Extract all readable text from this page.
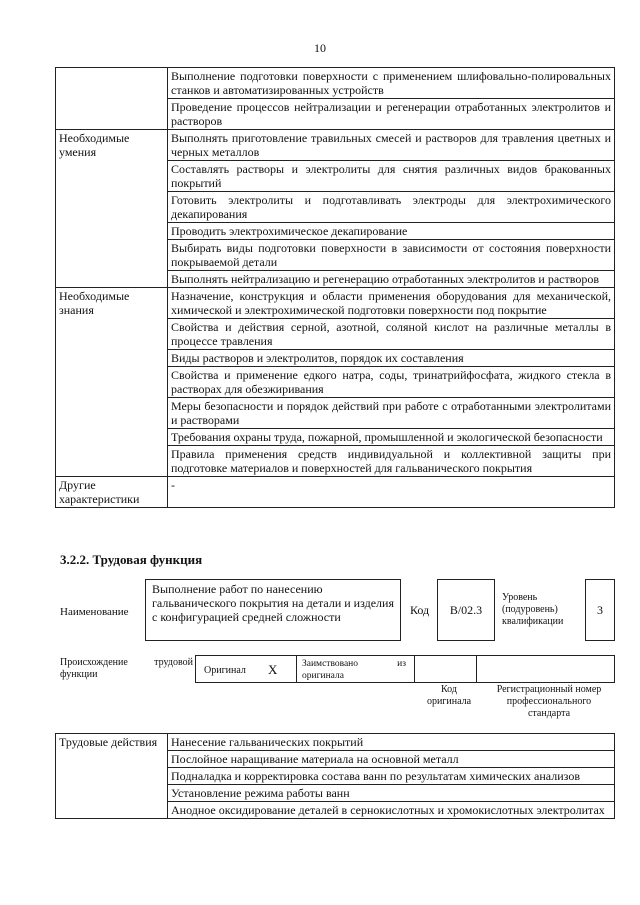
10
	Выполнение подготовки поверхности с применением шлифовально-полировальных станков и автоматизированных устройств
	Проведение процессов нейтрализации и регенерации отработанных электролитов и растворов
Необходимые умения	Выполнять приготовление травильных смесей и растворов для травления цветных и черных металлов
	Составлять растворы и электролиты для снятия различных видов бракованных покрытий
	Готовить электролиты и подготавливать электроды для электрохимического декапирования
	Проводить электрохимическое декапирование
	Выбирать виды подготовки поверхности в зависимости от состояния поверхности покрываемой детали
	Выполнять нейтрализацию и регенерацию отработанных электролитов и растворов
Необходимые знания	Назначение, конструкция и области применения оборудования для механической, химической и электрохимической подготовки поверхности под покрытие
	Свойства и действия серной, азотной, соляной кислот на различные металлы в процессе травления
	Виды растворов и электролитов, порядок их составления
	Свойства и применение едкого натра, соды, тринатрийфосфата, жидкого стекла в растворах для обезжиривания
	Меры безопасности и порядок действий при работе с отработанными электролитами и растворами
	Требования охраны труда, пожарной, промышленной и экологической безопасности
	Правила применения средств индивидуальной и коллективной защиты при подготовке материалов и поверхностей для гальванического покрытия
Другие характеристики	-
3.2.2. Трудовая функция
Наименование
Выполнение работ по нанесению гальванического покрытия на детали и изделия с конфигурацией средней сложности	Код	B/02.3
Уровень (подуровень) квалификации
3
Происхождение трудовой функции	Оригинал X	Заимствовано из оригинала
Код оригинала
Регистрационный номер профессионального стандарта
Трудовые действия	Нанесение гальванических покрытий
Послойное наращивание материала на основной металл
Подналадка и корректировка состава ванн по результатам химических анализов
Установление режима работы ванн
Анодное оксидирование деталей в сернокислотных и хромокислотных электролитах
